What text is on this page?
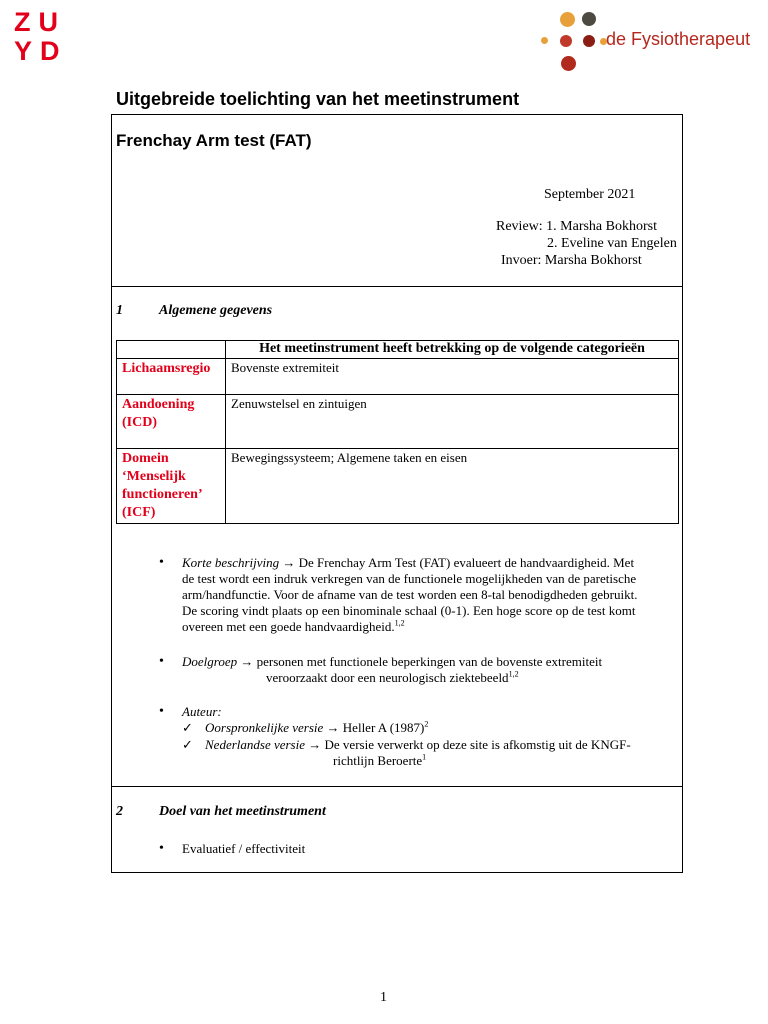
ZU
YD	de Fysiotherapeut
Uitgebreide toelichting van het meetinstrument
Frenchay Arm test (FAT)
September 2021
Review: 1. Marsha Bokhorst
2. Eveline van Engelen
Invoer: Marsha Bokhorst
1	Algemene gegevens
	Het meetinstrument heeft betrekking op de volgende categorieën
Lichaamsregio	Bovenste extremiteit
Aandoening (ICD)	Zenuwstelsel en zintuigen
Domein ‘Menselijk functioneren’ (ICF)	Bewegingssysteem; Algemene taken en eisen
• Korte beschrijving → De Frenchay Arm Test (FAT) evalueert de handvaardigheid. Met
de test wordt een indruk verkregen van de functionele mogelijkheden van de paretische
arm/handfunctie. Voor de afname van de test worden een 8-tal benodigdheden gebruikt.
De scoring vindt plaats op een binominale schaal (0-1). Een hoge score op de test komt
overeen met een goede handvaardigheid.$^{1,2}$
• Doelgroep → personen met functionele beperkingen van de bovenste extremiteit
veroorzaakt door een neurologisch ziektebeeld$^{1,2}$
• Auteur:
✓ Oorspronkelijke versie → Heller A $(1987)^2$
✓ Nederlandse versie → De versie verwerkt op deze site is afkomstig uit de KNGF-
richtlijn Beroerte$^1$
2	Doel van het meetinstrument
• Evaluatief / effectiviteit
1
